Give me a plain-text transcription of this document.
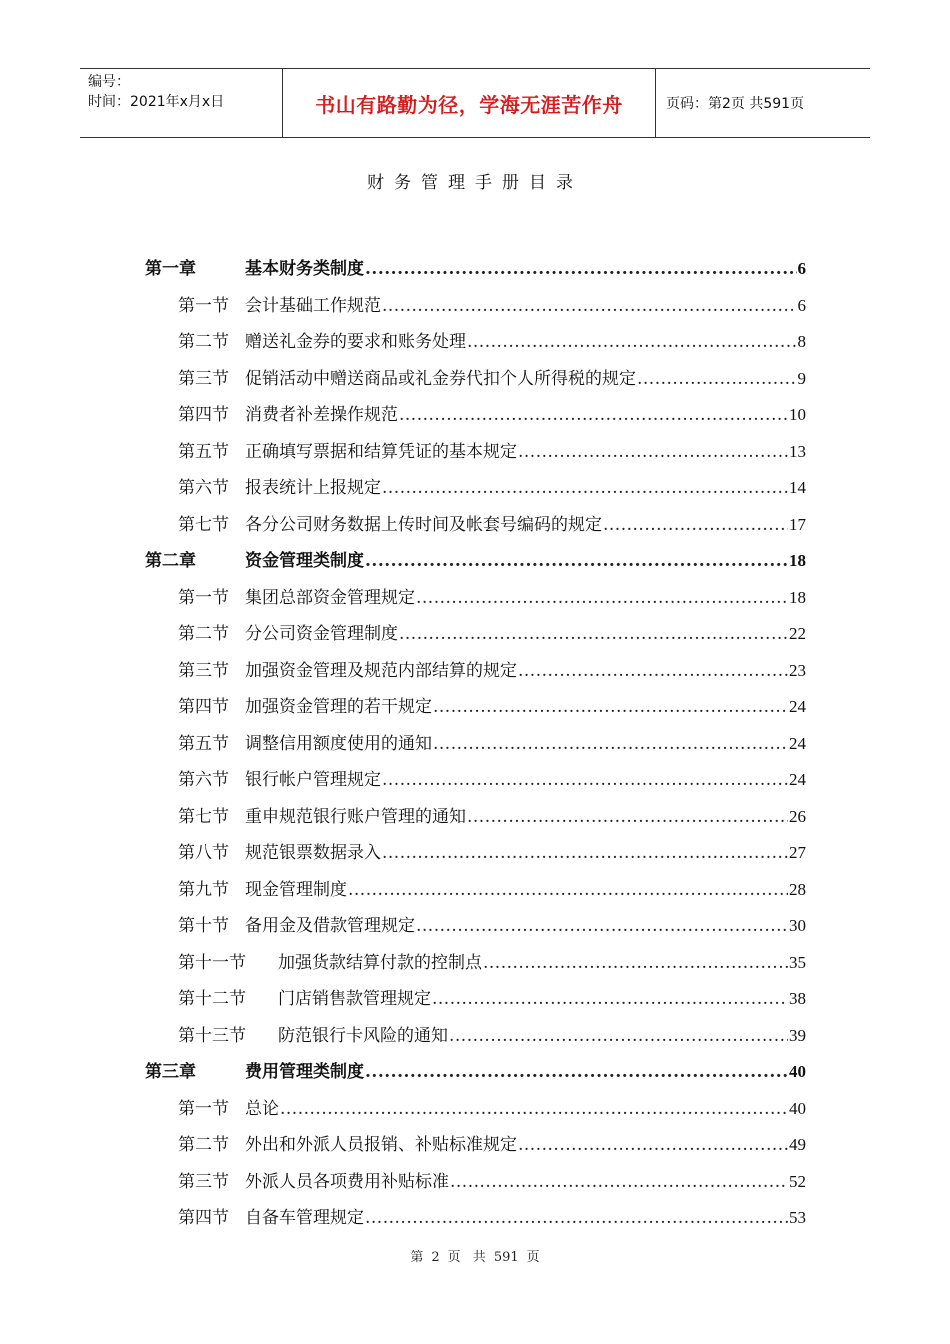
编号：
时间：2021年x月x日	书山有路勤为径，学海无涯苦作舟	页码：第2页 共591页
财务管理手册目录
第一章	基本财务类制度 .....	6
第一节 会计基础工作规范 .....	6
第二节 赠送礼金券的要求和账务处理 .....	8
第三节 促销活动中赠送商品或礼金券代扣个人所得税的规定 .....	9
第四节 消费者补差操作规范 .....	10
第五节 正确填写票据和结算凭证的基本规定 .....	13
第六节 报表统计上报规定 .....	14
第七节 各分公司财务数据上传时间及帐套号编码的规定 .....	17
第二章	资金管理类制度 .....	18
第一节 集团总部资金管理规定 .....	18
第二节 分公司资金管理制度 .....	22
第三节 加强资金管理及规范内部结算的规定 .....	23
第四节 加强资金管理的若干规定 .....	24
第五节 调整信用额度使用的通知 .....	24
第六节 银行帐户管理规定 .....	24
第七节 重申规范银行账户管理的通知 .....	26
第八节 规范银票数据录入 .....	27
第九节 现金管理制度 .....	28
第十节 备用金及借款管理规定 .....	30
第十一节	加强货款结算付款的控制点 .....	35
第十二节	门店销售款管理规定 .....	38
第十三节	防范银行卡风险的通知 .....	39
第三章	费用管理类制度 .....	40
第一节 总论 .....	40
第二节 外出和外派人员报销、补贴标准规定 .....	49
第三节 外派人员各项费用补贴标准 .....	52
第四节 自备车管理规定 .....	53
第 2 页 共 591 页
